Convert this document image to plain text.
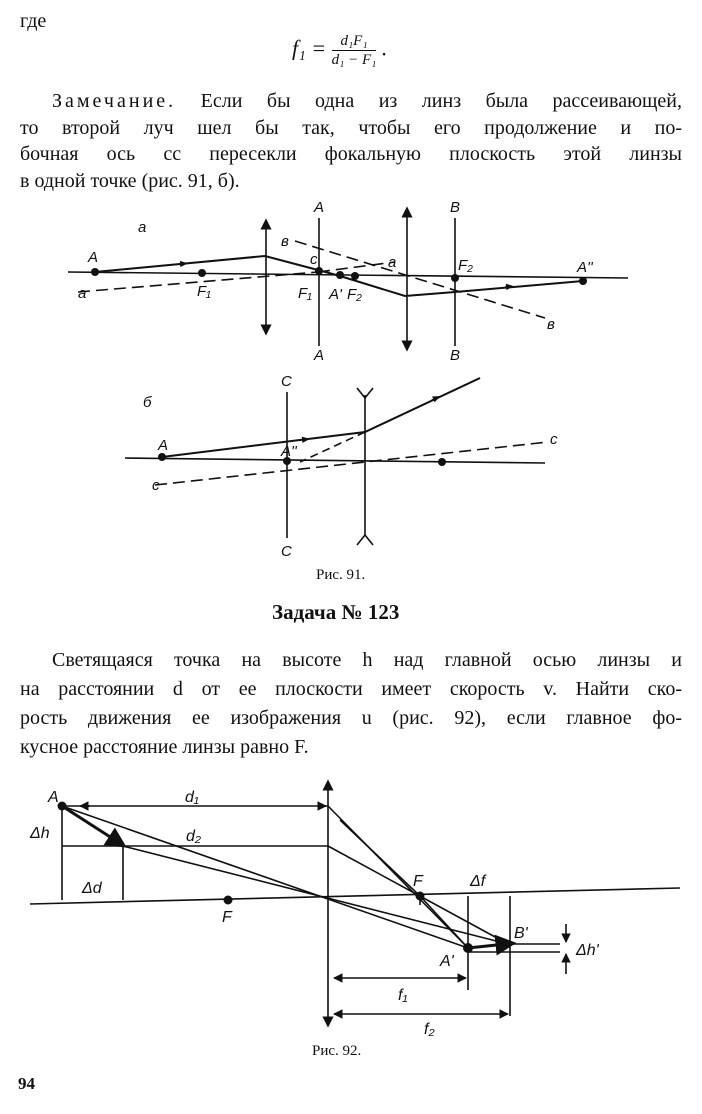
где
$f_1 = \frac{\text{d₁F₁}}{\text{d₁ − F₁}}$ .
Замечание. Если бы одна из линз была рассеивающей,
то второй луч шел бы так, чтобы его продолжение и по-
бочная ось cc пересекли фокальную плоскость этой линзы
в одной точке (рис. 91, б).
а
A
A
A
B
B
а
а
в
в
F₁	F₁
c
A' F₂
F₂	A''
б
C
C
A	A''
c
c
Рис. 91.
Задача № 123
Светящаяся точка на высоте h над главной осью линзы и
на расстоянии d от ее плоскости имеет скорость v. Найти ско-
рость движения ее изображения u (рис. 92), если главное фо-
кусное расстояние линзы равно F.
A	d₁
d₂
Δh
Δd
F
F	Δf
B'
A'
Δh'
f₁
f₂
Рис. 92.
94
